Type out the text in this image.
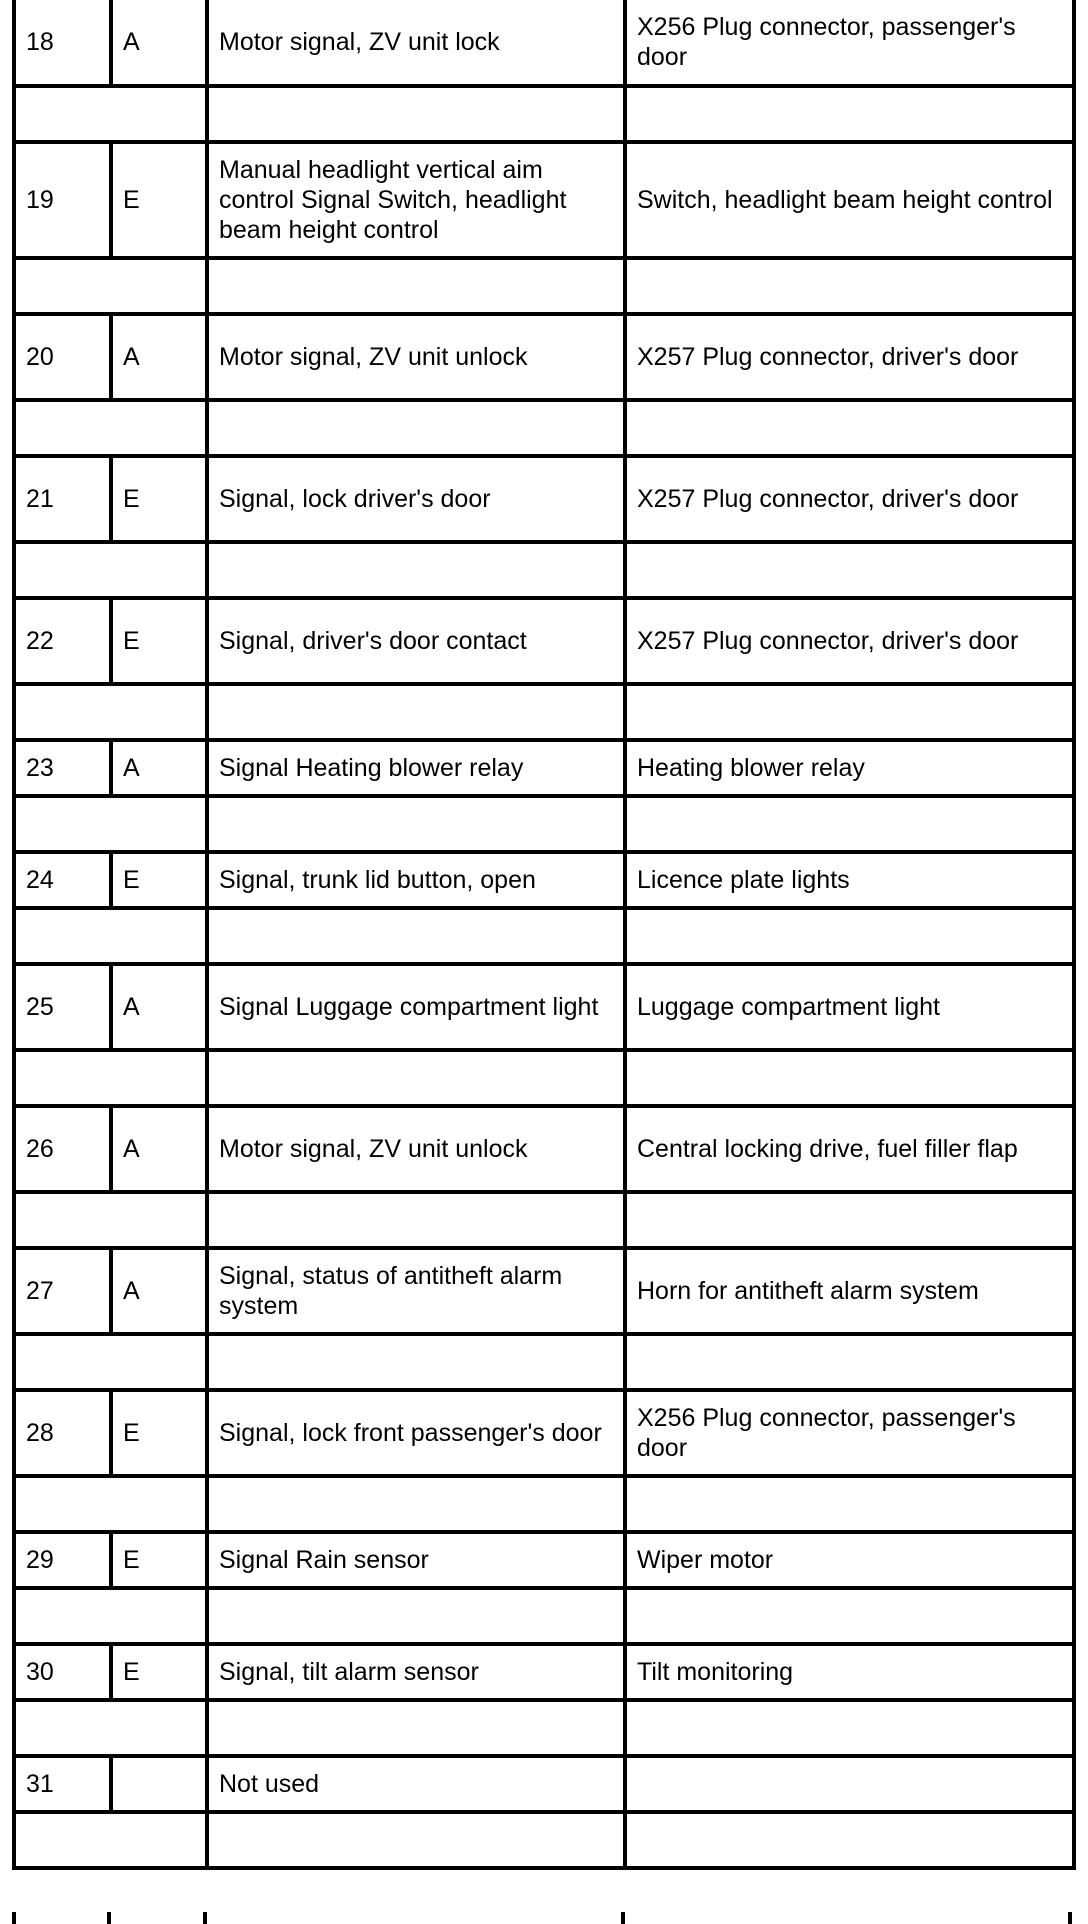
18	A	Motor signal, ZV unit lock	X256 Plug connector, passenger's door

19	E	Manual headlight vertical aim control Signal Switch, headlight beam height control	Switch, headlight beam height control

20	A	Motor signal, ZV unit unlock	X257 Plug connector, driver's door

21	E	Signal, lock driver's door	X257 Plug connector, driver's door

22	E	Signal, driver's door contact	X257 Plug connector, driver's door

23	A	Signal Heating blower relay	Heating blower relay

24	E	Signal, trunk lid button, open	Licence plate lights

25	A	Signal Luggage compartment light	Luggage compartment light

26	A	Motor signal, ZV unit unlock	Central locking drive, fuel filler flap

27	A	Signal, status of antitheft alarm system	Horn for antitheft alarm system

28	E	Signal, lock front passenger's door	X256 Plug connector, passenger's door

29	E	Signal Rain sensor	Wiper motor

30	E	Signal, tilt alarm sensor	Tilt monitoring

31		Not used	
